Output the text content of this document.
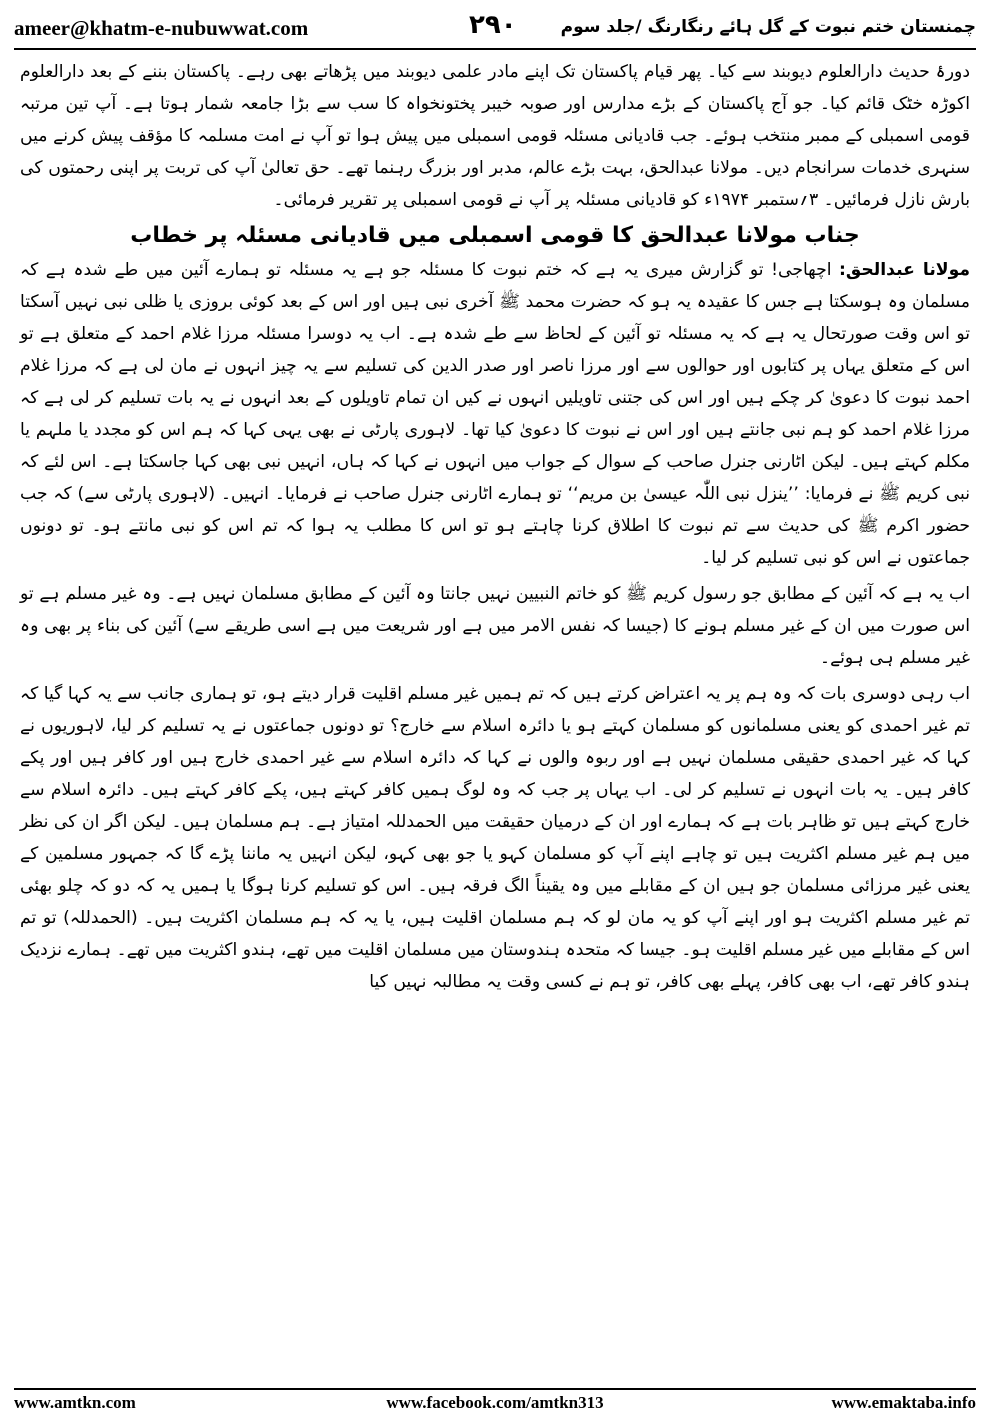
ameer@khatm-e-nubuwwat.com	۲۹۰	چمنستان ختم نبوت کے گل ہائے رنگارنگ /جلد سوم

دورۂ حدیث دارالعلوم دیوبند سے کیا۔ پھر قیام پاکستان تک اپنے مادر علمی دیوبند میں پڑھاتے بھی رہے۔ پاکستان بننے کے بعد دارالعلوم اکوڑہ خٹک قائم کیا۔ جو آج پاکستان کے بڑے مدارس اور صوبہ خیبر پختونخواہ کا سب سے بڑا جامعہ شمار ہوتا ہے۔ آپ تین مرتبہ قومی اسمبلی کے ممبر منتخب ہوئے۔ جب قادیانی مسئلہ قومی اسمبلی میں پیش ہوا تو آپ نے امت مسلمہ کا مؤقف پیش کرنے میں سنہری خدمات سرانجام دیں۔ مولانا عبدالحق، بہت بڑے عالم، مدبر اور بزرگ رہنما تھے۔ حق تعالیٰ آپ کی تربت پر اپنی رحمتوں کی بارش نازل فرمائیں۔ ۳؍ستمبر ۱۹۷۴ء کو قادیانی مسئلہ پر آپ نے قومی اسمبلی پر تقریر فرمائی۔

جناب مولانا عبدالحق کا قومی اسمبلی میں قادیانی مسئلہ پر خطاب

مولانا عبدالحق: اچھاجی! تو گزارش میری یہ ہے کہ ختم نبوت کا مسئلہ جو ہے یہ مسئلہ تو ہمارے آئین میں طے شدہ ہے کہ مسلمان وہ ہوسکتا ہے جس کا عقیدہ یہ ہو کہ حضرت محمد ﷺ آخری نبی ہیں اور اس کے بعد کوئی بروزی یا ظلی نبی نہیں آسکتا تو اس وقت صورتحال یہ ہے کہ یہ مسئلہ تو آئین کے لحاظ سے طے شدہ ہے۔ اب یہ دوسرا مسئلہ مرزا غلام احمد کے متعلق ہے تو اس کے متعلق یہاں پر کتابوں اور حوالوں سے اور مرزا ناصر اور صدر الدین کی تسلیم سے یہ چیز انہوں نے مان لی ہے کہ مرزا غلام احمد نبوت کا دعویٰ کر چکے ہیں اور اس کی جتنی تاویلیں انہوں نے کیں ان تمام تاویلوں کے بعد انہوں نے یہ بات تسلیم کر لی ہے کہ مرزا غلام احمد کو ہم نبی جانتے ہیں اور اس نے نبوت کا دعویٰ کیا تھا۔ لاہوری پارٹی نے بھی یہی کہا کہ ہم اس کو مجدد یا ملہم یا مکلم کہتے ہیں۔ لیکن اٹارنی جنرل صاحب کے سوال کے جواب میں انہوں نے کہا کہ ہاں، انہیں نبی بھی کہا جاسکتا ہے۔ اس لئے کہ نبی کریم ﷺ نے فرمایا: ’’ینزل نبی اللّٰہ عیسیٰ بن مریم‘‘ تو ہمارے اٹارنی جنرل صاحب نے فرمایا۔ انہیں۔ (لاہوری پارٹی سے) کہ جب حضور اکرم ﷺ کی حدیث سے تم نبوت کا اطلاق کرنا چاہتے ہو تو اس کا مطلب یہ ہوا کہ تم اس کو نبی مانتے ہو۔ تو دونوں جماعتوں نے اس کو نبی تسلیم کر لیا۔

اب یہ ہے کہ آئین کے مطابق جو رسول کریم ﷺ کو خاتم النبیین نہیں جانتا وہ آئین کے مطابق مسلمان نہیں ہے۔ وہ غیر مسلم ہے تو اس صورت میں ان کے غیر مسلم ہونے کا (جیسا کہ نفس الامر میں ہے اور شریعت میں ہے اسی طریقے سے) آئین کی بناء پر بھی وہ غیر مسلم ہی ہوئے۔

اب رہی دوسری بات کہ وہ ہم پر یہ اعتراض کرتے ہیں کہ تم ہمیں غیر مسلم اقلیت قرار دیتے ہو، تو ہماری جانب سے یہ کہا گیا کہ تم غیر احمدی کو یعنی مسلمانوں کو مسلمان کہتے ہو یا دائرہ اسلام سے خارج؟ تو دونوں جماعتوں نے یہ تسلیم کر لیا، لاہوریوں نے کہا کہ غیر احمدی حقیقی مسلمان نہیں ہے اور ربوہ والوں نے کہا کہ دائرہ اسلام سے غیر احمدی خارج ہیں اور کافر ہیں اور پکے کافر ہیں۔ یہ بات انہوں نے تسلیم کر لی۔ اب یہاں پر جب کہ وہ لوگ ہمیں کافر کہتے ہیں، پکے کافر کہتے ہیں۔ دائرہ اسلام سے خارج کہتے ہیں تو ظاہر بات ہے کہ ہمارے اور ان کے درمیان حقیقت میں الحمدللہ امتیاز ہے۔ ہم مسلمان ہیں۔ لیکن اگر ان کی نظر میں ہم غیر مسلم اکثریت ہیں تو چاہے اپنے آپ کو مسلمان کہو یا جو بھی کہو، لیکن انہیں یہ ماننا پڑے گا کہ جمہور مسلمین کے یعنی غیر مرزائی مسلمان جو ہیں ان کے مقابلے میں وہ یقیناً الگ فرقہ ہیں۔ اس کو تسلیم کرنا ہوگا یا ہمیں یہ کہ دو کہ چلو بھئی تم غیر مسلم اکثریت ہو اور اپنے آپ کو یہ مان لو کہ ہم مسلمان اقلیت ہیں، یا یہ کہ ہم مسلمان اکثریت ہیں۔ (الحمدللہ) تو تم اس کے مقابلے میں غیر مسلم اقلیت ہو۔ جیسا کہ متحدہ ہندوستان میں مسلمان اقلیت میں تھے، ہندو اکثریت میں تھے۔ ہمارے نزدیک ہندو کافر تھے، اب بھی کافر، پہلے بھی کافر، تو ہم نے کسی وقت یہ مطالبہ نہیں کیا

www.amtkn.com	www.facebook.com/amtkn313	www.emaktaba.info
